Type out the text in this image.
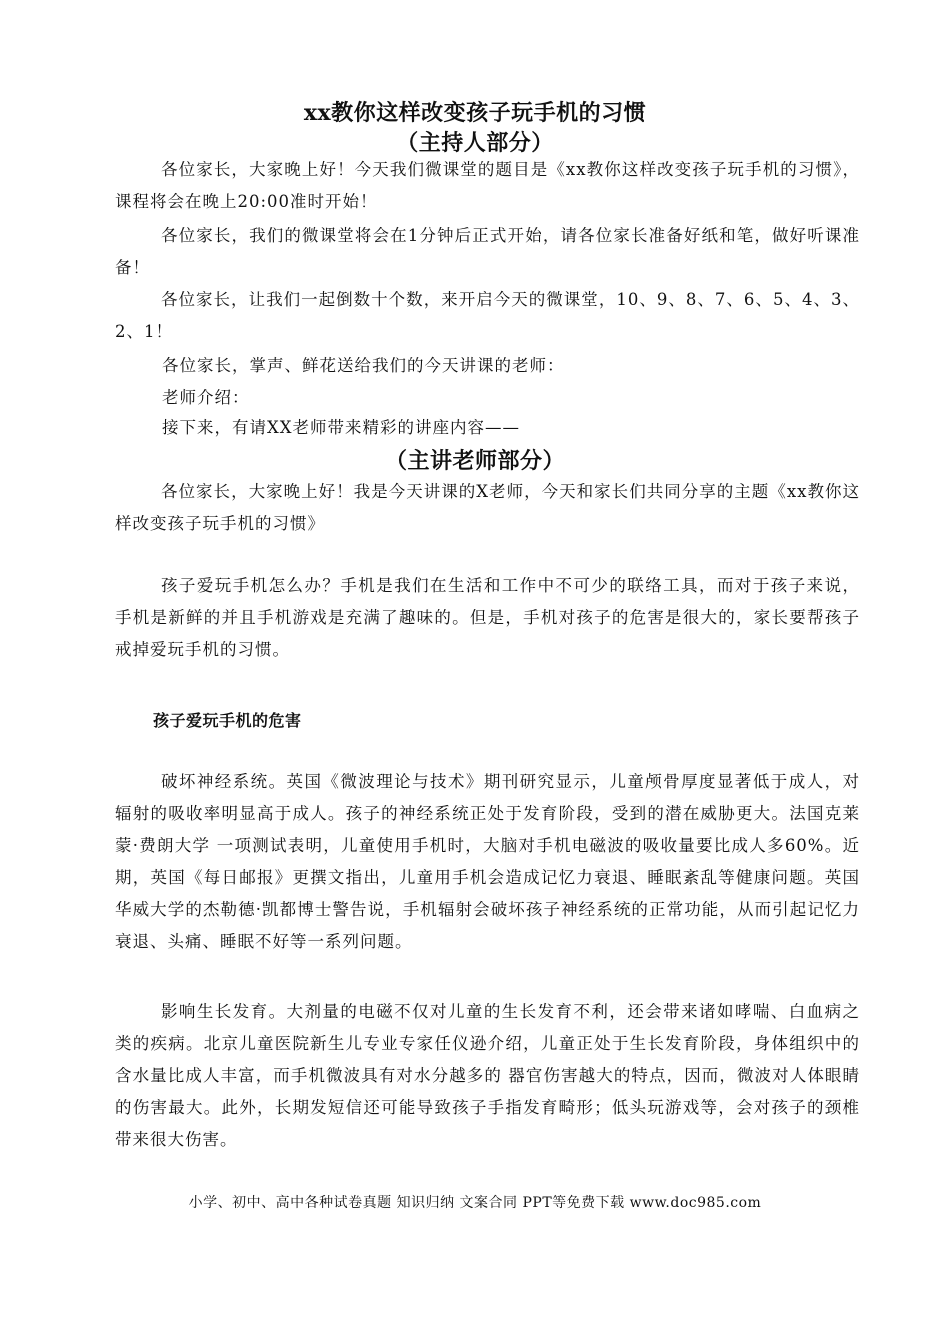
xx教你这样改变孩子玩手机的习惯
（主持人部分）

各位家长，大家晚上好！今天我们微课堂的题目是《xx教你这样改变孩子玩手机的习惯》，课程将会在晚上20:00准时开始！

各位家长，我们的微课堂将会在1分钟后正式开始，请各位家长准备好纸和笔，做好听课准备！

各位家长，让我们一起倒数十个数，来开启今天的微课堂，10、9、8、7、6、5、4、3、2、1！

各位家长，掌声、鲜花送给我们的今天讲课的老师：
老师介绍：
接下来，有请XX老师带来精彩的讲座内容——
（主讲老师部分）

各位家长，大家晚上好！我是今天讲课的X老师，今天和家长们共同分享的主题《xx教你这样改变孩子玩手机的习惯》

孩子爱玩手机怎么办？手机是我们在生活和工作中不可少的联络工具，而对于孩子来说，手机是新鲜的并且手机游戏是充满了趣味的。但是，手机对孩子的危害是很大的，家长要帮孩子戒掉爱玩手机的习惯。

孩子爱玩手机的危害

破坏神经系统。英国《微波理论与技术》期刊研究显示，儿童颅骨厚度显著低于成人，对辐射的吸收率明显高于成人。孩子的神经系统正处于发育阶段，受到的潜在威胁更大。法国克莱蒙·费朗大学 一项测试表明，儿童使用手机时，大脑对手机电磁波的吸收量要比成人多60%。近期，英国《每日邮报》更撰文指出，儿童用手机会造成记忆力衰退、睡眠紊乱等健康问题。英国华威大学的杰勒德·凯都博士警告说，手机辐射会破坏孩子神经系统的正常功能，从而引起记忆力衰退、头痛、睡眠不好等一系列问题。

影响生长发育。大剂量的电磁不仅对儿童的生长发育不利，还会带来诸如哮喘、白血病之类的疾病。北京儿童医院新生儿专业专家任仪逊介绍，儿童正处于生长发育阶段，身体组织中的含水量比成人丰富，而手机微波具有对水分越多的 器官伤害越大的特点，因而，微波对人体眼睛的伤害最大。此外，长期发短信还可能导致孩子手指发育畸形；低头玩游戏等，会对孩子的颈椎带来很大伤害。

小学、初中、高中各种试卷真题 知识归纳 文案合同 PPT等免费下载 www.doc985.com
